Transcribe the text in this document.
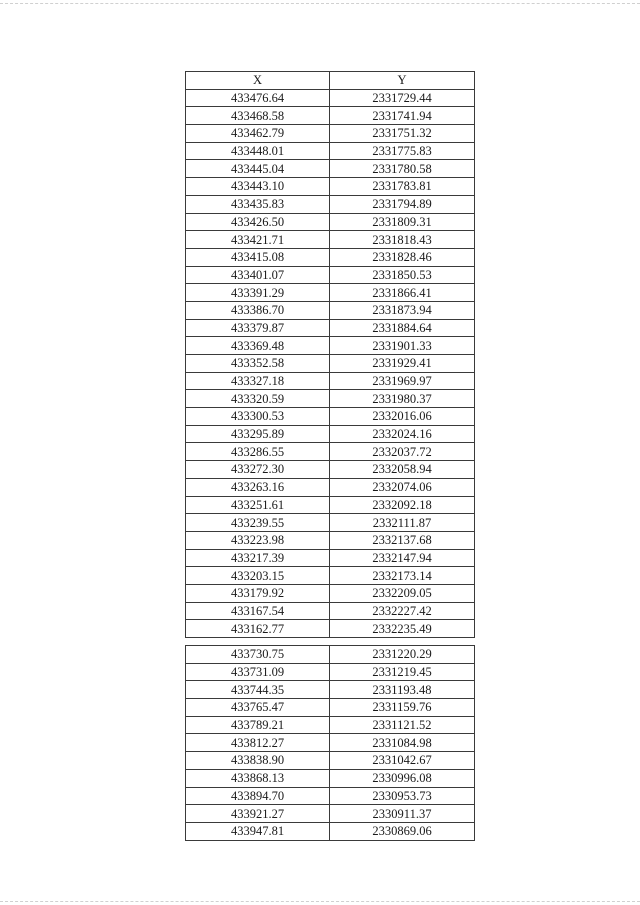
X	Y
433476.64	2331729.44
433468.58	2331741.94
433462.79	2331751.32
433448.01	2331775.83
433445.04	2331780.58
433443.10	2331783.81
433435.83	2331794.89
433426.50	2331809.31
433421.71	2331818.43
433415.08	2331828.46
433401.07	2331850.53
433391.29	2331866.41
433386.70	2331873.94
433379.87	2331884.64
433369.48	2331901.33
433352.58	2331929.41
433327.18	2331969.97
433320.59	2331980.37
433300.53	2332016.06
433295.89	2332024.16
433286.55	2332037.72
433272.30	2332058.94
433263.16	2332074.06
433251.61	2332092.18
433239.55	2332111.87
433223.98	2332137.68
433217.39	2332147.94
433203.15	2332173.14
433179.92	2332209.05
433167.54	2332227.42
433162.77	2332235.49
433730.75	2331220.29
433731.09	2331219.45
433744.35	2331193.48
433765.47	2331159.76
433789.21	2331121.52
433812.27	2331084.98
433838.90	2331042.67
433868.13	2330996.08
433894.70	2330953.73
433921.27	2330911.37
433947.81	2330869.06
